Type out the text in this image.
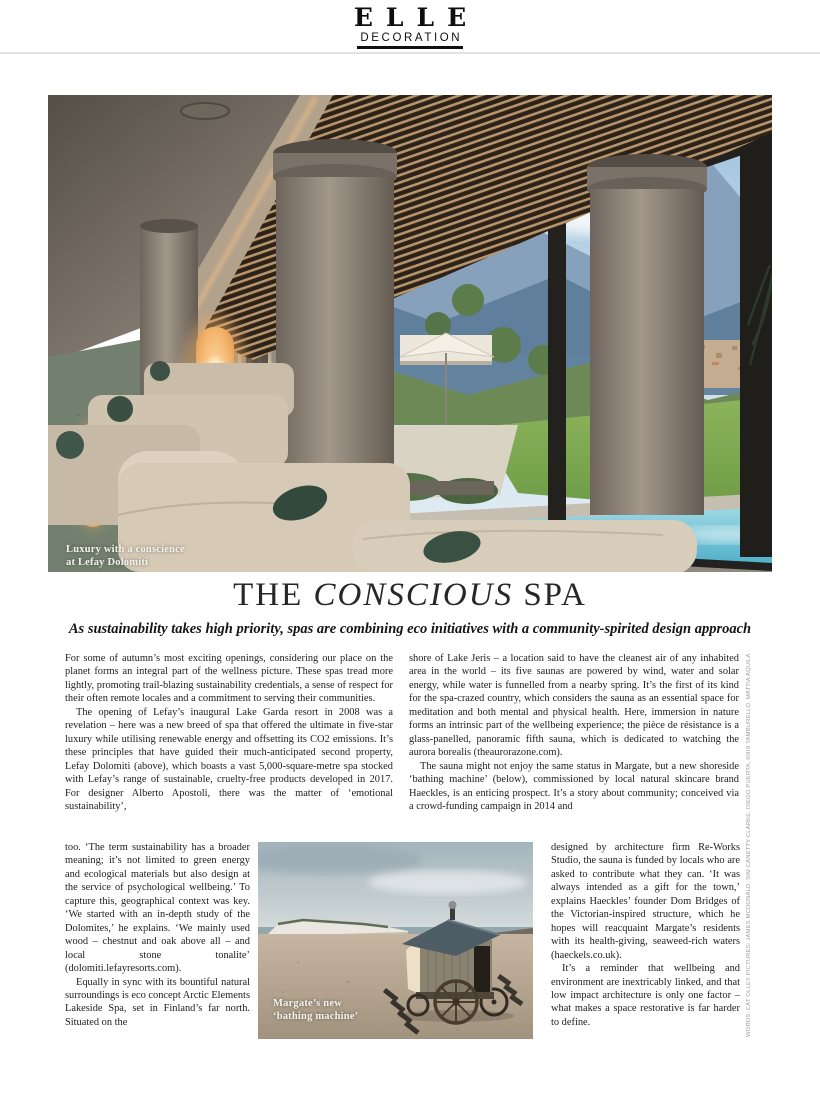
ELLE
DECORATION
Luxury with a conscience
at Lefay Dolomiti
THE CONSCIOUS SPA

As sustainability takes high priority, spas are combining eco initiatives with a community-spirited design approach

For some of autumn’s most exciting openings, considering our place on the planet forms an integral part of the wellness picture. These spas tread more lightly, promoting trail-blazing sustainability credentials, a sense of respect for their often remote locales and a commitment to serving their communities.

The opening of Lefay’s inaugural Lake Garda resort in 2008 was a revelation – here was a new breed of spa that offered the ultimate in five-star luxury while utilising renewable energy and offsetting its CO2 emissions. It’s these principles that have guided their much-anticipated second property, Lefay Dolomiti (above), which boasts a vast 5,000-square-metre spa stocked with Lefay’s range of sustainable, cruelty-free products developed in 2017. For designer Alberto Apostoli, there was the matter of ‘emotional sustainability’,

shore of Lake Jeris – a location said to have the cleanest air of any inhabited area in the world – its five saunas are powered by wind, water and solar energy, while water is funnelled from a nearby spring. It’s the first of its kind for the spa-crazed country, which considers the sauna as an essential space for meditation and both mental and physical health. Here, immersion in nature forms an intrinsic part of the wellbeing experience; the pièce de résistance is a glass-panelled, panoramic fifth sauna, which is dedicated to watching the aurora borealis (theaurorazone.com).

The sauna might not enjoy the same status in Margate, but a new shoreside ‘bathing machine’ (below), commissioned by local natural skincare brand Haeckles, is an enticing prospect. It’s a story about community; conceived via a crowd-funding campaign in 2014 and

too. ‘The term sustainability has a broader meaning; it’s not limited to green energy and ecological materials but also design at the service of psychological wellbeing.’ To capture this, geographical context was key. ‘We started with an in-depth study of the Dolomites,’ he explains. ‘We mainly used wood – chestnut and oak above all – and local stone tonalite’ (dolomiti.lefayresorts.com).

Equally in sync with its bountiful natural surroundings is eco concept Arctic Elements Lakeside Spa, set in Finland’s far north. Situated on the

designed by architecture firm Re-Works Studio, the sauna is funded by locals who are asked to contribute what they can. ‘It was always intended as a gift for the town,’ explains Haeckles’ founder Dom Bridges of the Victorian-inspired structure, which he hopes will reacquaint Margate’s residents with its health-giving, seaweed-rich waters (haeckels.co.uk).

It’s a reminder that wellbeing and environment are inextricably linked, and that low impact architecture is only one factor – what makes a space restorative is far harder to define.

Margate’s new
‘bathing machine’	WORDS: CAT OLLEY PICTURES: JAMES MCDONALD, SIM CANETTY-CLARKE, DIEGO PUERTA, KRIS TAMBURELLO, MATTIA AQUILA
